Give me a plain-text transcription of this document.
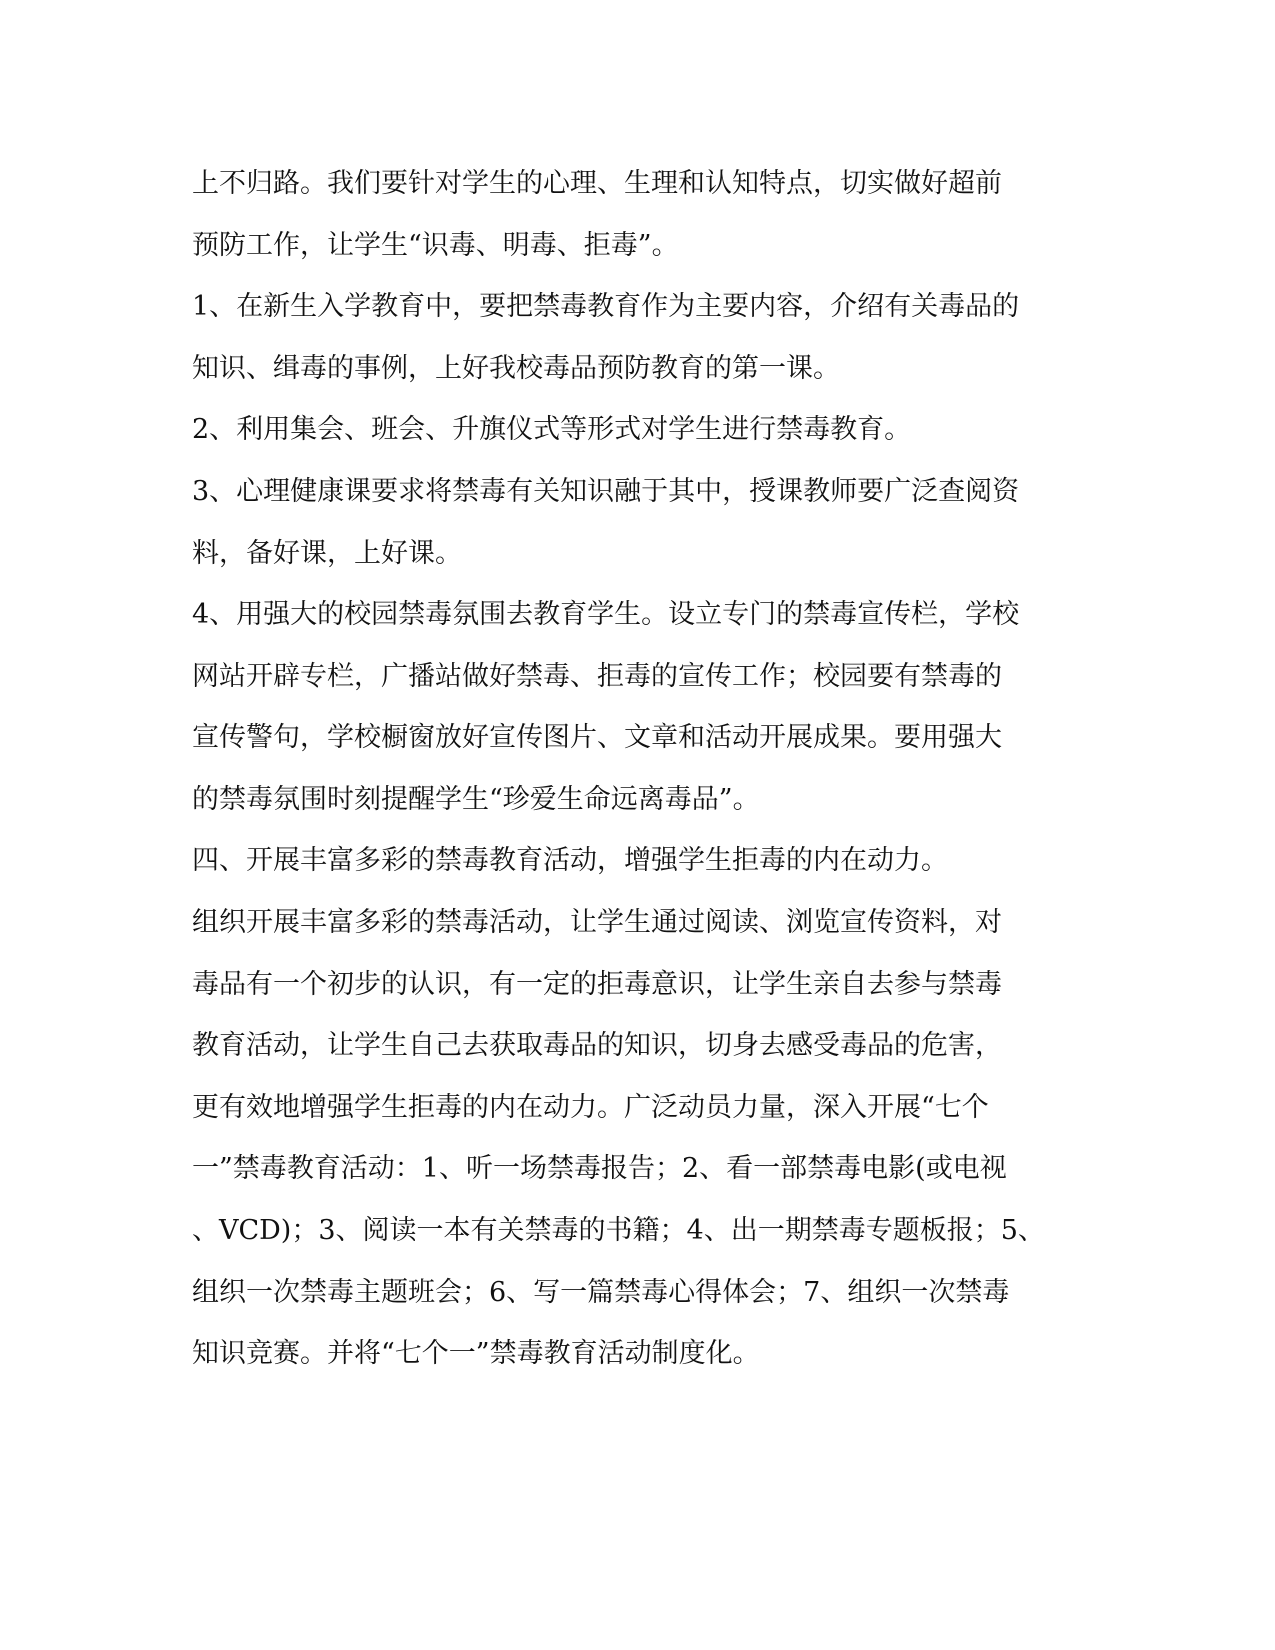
上不归路。我们要针对学生的心理、生理和认知特点，切实做好超前
预防工作，让学生“识毒、明毒、拒毒”。
1、在新生入学教育中，要把禁毒教育作为主要内容，介绍有关毒品的
知识、缉毒的事例，上好我校毒品预防教育的第一课。
2、利用集会、班会、升旗仪式等形式对学生进行禁毒教育。
3、心理健康课要求将禁毒有关知识融于其中，授课教师要广泛查阅资
料，备好课，上好课。
4、用强大的校园禁毒氛围去教育学生。设立专门的禁毒宣传栏，学校
网站开辟专栏，广播站做好禁毒、拒毒的宣传工作；校园要有禁毒的
宣传警句，学校橱窗放好宣传图片、文章和活动开展成果。要用强大
的禁毒氛围时刻提醒学生“珍爱生命远离毒品”。
四、开展丰富多彩的禁毒教育活动，增强学生拒毒的内在动力。
组织开展丰富多彩的禁毒活动，让学生通过阅读、浏览宣传资料，对
毒品有一个初步的认识，有一定的拒毒意识，让学生亲自去参与禁毒
教育活动，让学生自己去获取毒品的知识，切身去感受毒品的危害，
更有效地增强学生拒毒的内在动力。广泛动员力量，深入开展“七个
一”禁毒教育活动：1、听一场禁毒报告；2、看一部禁毒电影(或电视
、VCD)；3、阅读一本有关禁毒的书籍；4、出一期禁毒专题板报；5、
组织一次禁毒主题班会；6、写一篇禁毒心得体会；7、组织一次禁毒
知识竞赛。并将“七个一”禁毒教育活动制度化。
